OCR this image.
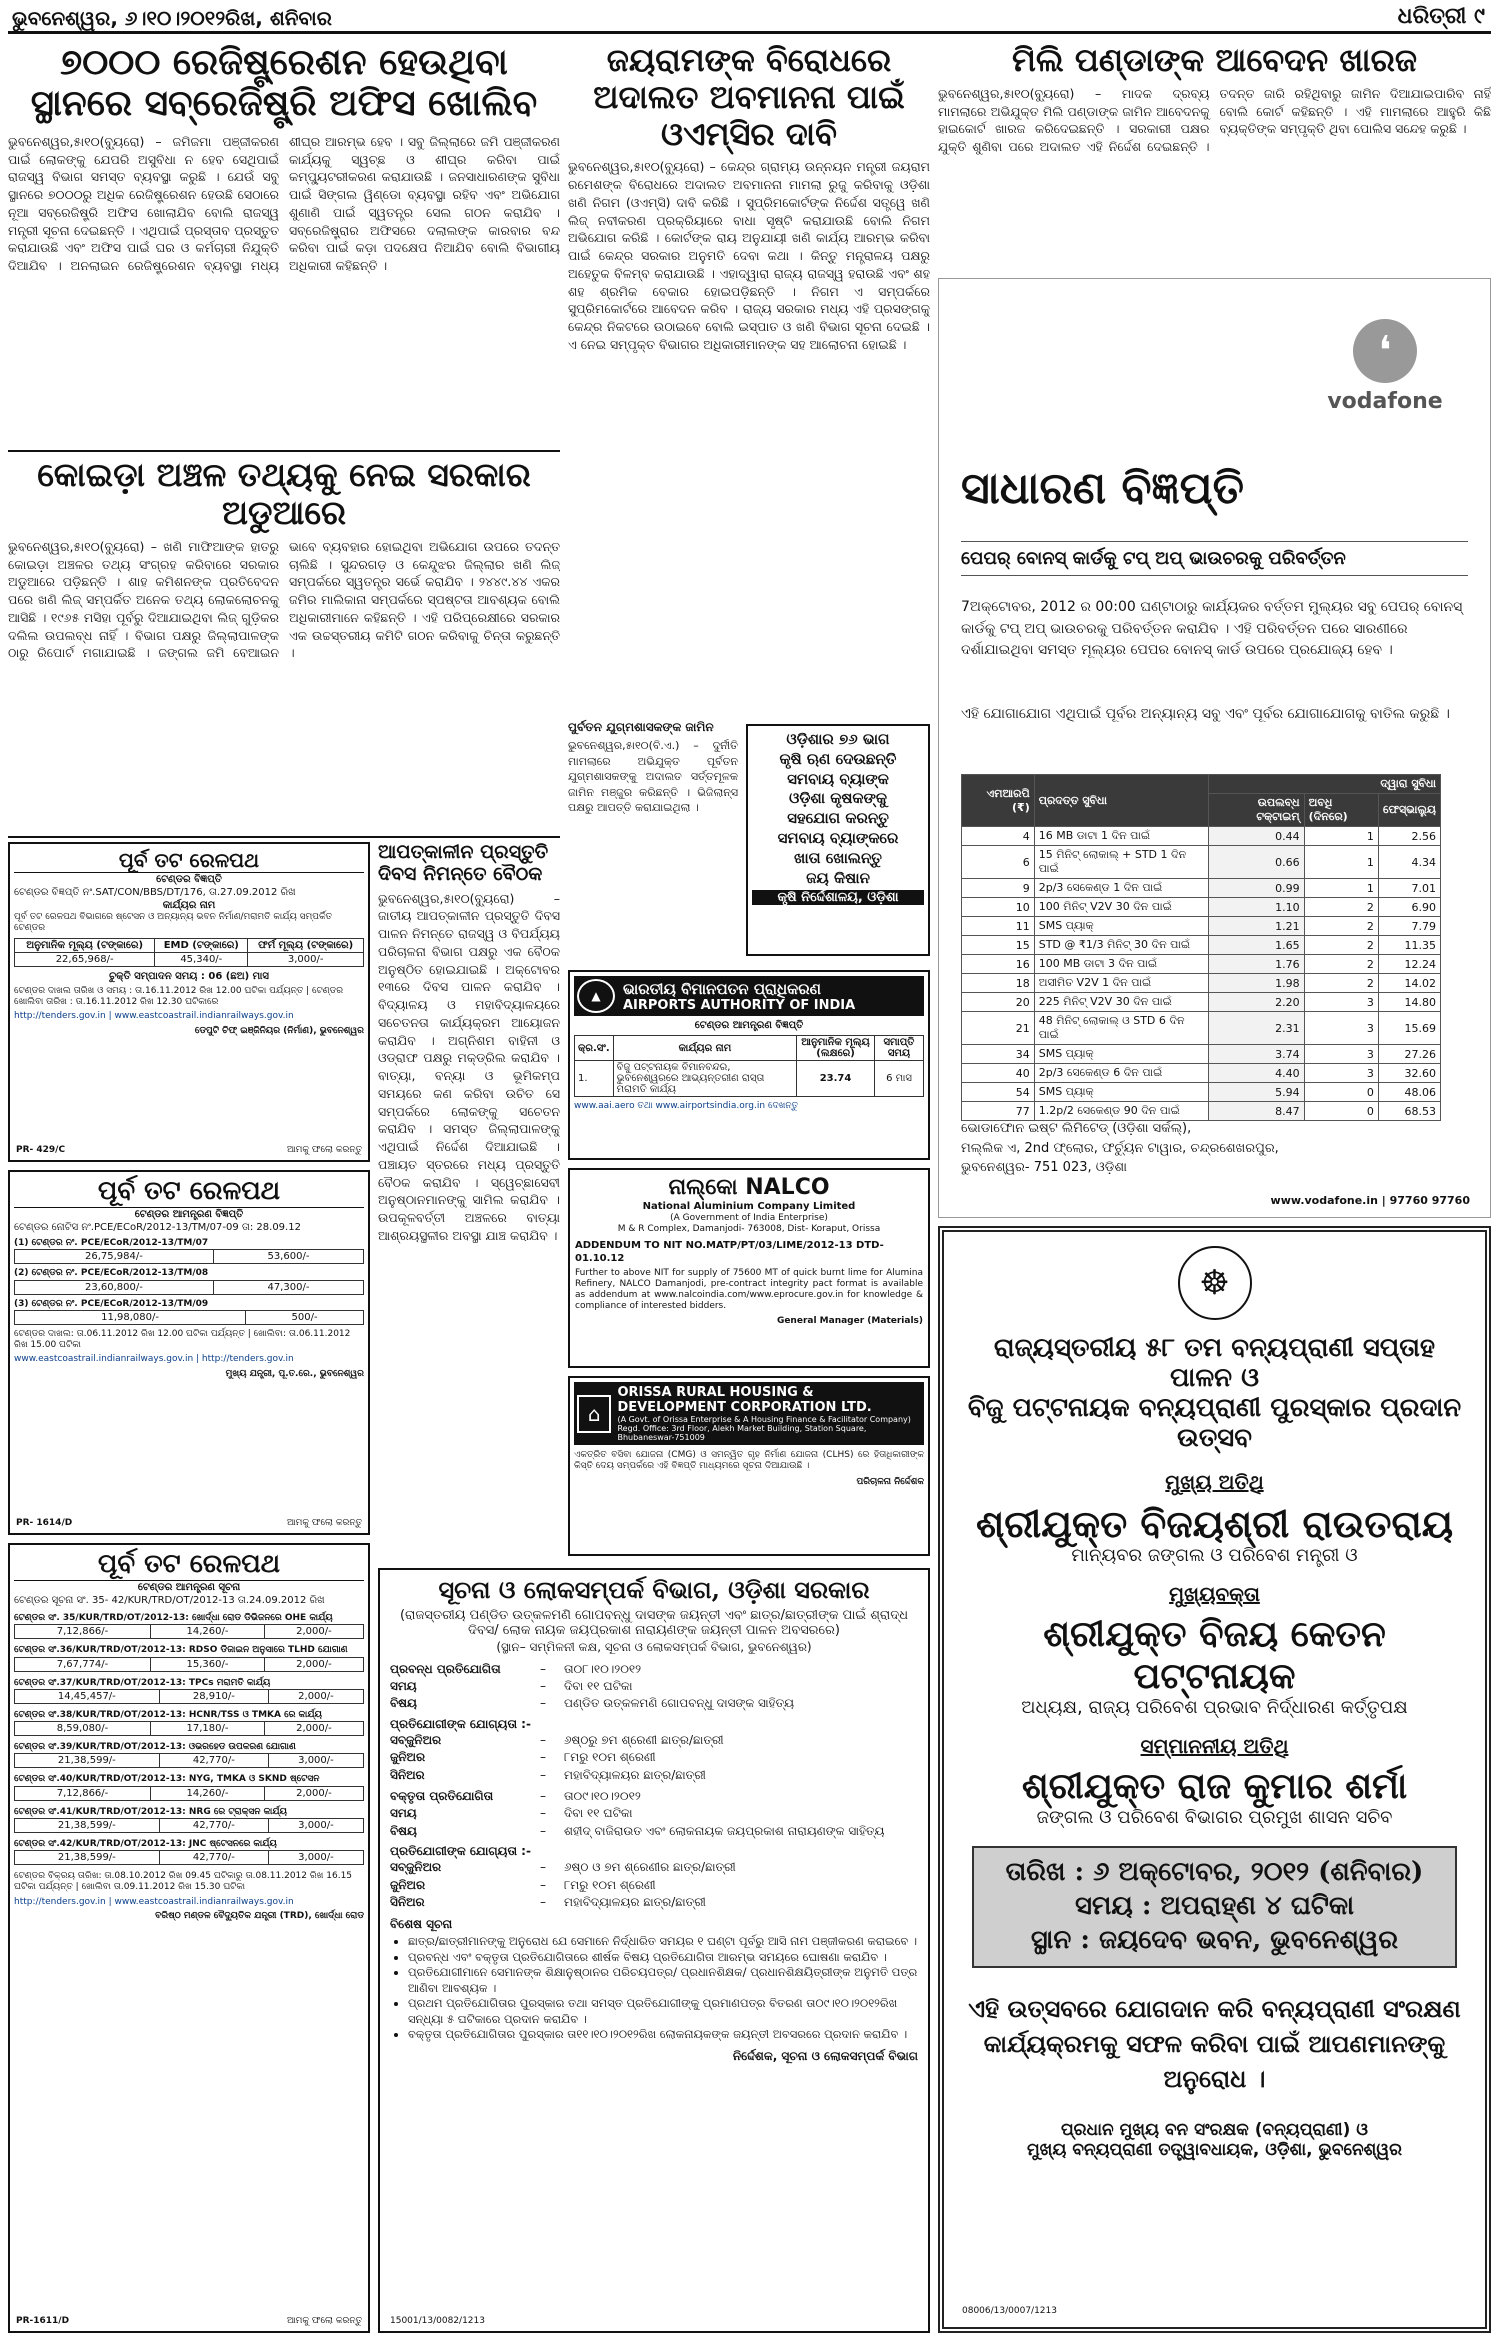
ଭୁବନେଶ୍ୱର, ୬।୧୦।୨୦୧୨ରିଖ, ଶନିବାର	ଧରିତ୍ରୀ ୯
୭୦୦୦ ରେଜିଷ୍ଟ୍ରେଶନ ହେଉଥିବା ସ୍ଥାନରେ ସବ୍‌ରେଜିଷ୍ଟ୍ରି ଅଫିସ ଖୋଲିବ
ଭୁବନେଶ୍ୱର,୫ା୧୦(ବ୍ୟୁରୋ) – ଜମିଜମା ପଞ୍ଜୀକରଣ ପାଇଁ ଲୋକଙ୍କୁ ଯେପରି ଅସୁବିଧା ନ ହେବ ସେଥିପାଇଁ ରାଜସ୍ୱ ବିଭାଗ ସମସ୍ତ ବ୍ୟବସ୍ଥା କରୁଛି । ଯେଉଁ ସବୁ ସ୍ଥାନରେ ୭୦୦୦ରୁ ଅଧିକ ରେଜିଷ୍ଟ୍ରେଶନ ହେଉଛି ସେଠାରେ ନୂଆ ସବ୍‌ରେଜିଷ୍ଟ୍ରି ଅଫିସ ଖୋଲାଯିବ ବୋଲି ରାଜସ୍ୱ ମନ୍ତ୍ରୀ ସୂଚନା ଦେଇଛନ୍ତି । ଏଥିପାଇଁ ପ୍ରସ୍ତାବ ପ୍ରସ୍ତୁତ କରାଯାଉଛି ଏବଂ ଅଫିସ ପାଇଁ ଘର ଓ କର୍ମଚାରୀ ନିଯୁକ୍ତି ଦିଆଯିବ । ଅନଲାଇନ ରେଜିଷ୍ଟ୍ରେଶନ ବ୍ୟବସ୍ଥା ମଧ୍ୟ ଶୀଘ୍ର ଆରମ୍ଭ ହେବ । ସବୁ ଜିଲ୍ଲାରେ ଜମି ପଞ୍ଜୀକରଣ କାର୍ଯ୍ୟକୁ ସ୍ୱଚ୍ଛ ଓ ଶୀଘ୍ର କରିବା ପାଇଁ କମ୍ପ୍ୟୁଟରୀକରଣ କରାଯାଉଛି । ଜନସାଧାରଣଙ୍କ ସୁବିଧା ପାଇଁ ସିଙ୍ଗଲ ୱିଣ୍ଡୋ ବ୍ୟବସ୍ଥା ରହିବ ଏବଂ ଅଭିଯୋଗ ଶୁଣାଣି ପାଇଁ ସ୍ୱତନ୍ତ୍ର ସେଲ ଗଠନ କରାଯିବ । ସବ୍‌ରେଜିଷ୍ଟ୍ରାର ଅଫିସରେ ଦଲାଲଙ୍କ କାରବାର ବନ୍ଦ କରିବା ପାଇଁ କଡ଼ା ପଦକ୍ଷେପ ନିଆଯିବ ବୋଲି ବିଭାଗୀୟ ଅଧିକାରୀ କହିଛନ୍ତି ।
କୋଇଡ଼ା ଅଞ୍ଚଳ ତଥ୍ୟକୁ ନେଇ ସରକାର ଅଡୁଆରେ
ଭୁବନେଶ୍ୱର,୫ା୧୦(ବ୍ୟୁରୋ) – ଖଣି ମାଫିଆଙ୍କ ହାତରୁ କୋଇଡ଼ା ଅଞ୍ଚଳର ତଥ୍ୟ ସଂଗ୍ରହ କରିବାରେ ସରକାର ଅଡୁଆରେ ପଡ଼ିଛନ୍ତି । ଶାହ କମିଶନଙ୍କ ପ୍ରତିବେଦନ ପରେ ଖଣି ଲିଜ୍ ସମ୍ପର୍କିତ ଅନେକ ତଥ୍ୟ ଲୋକଲୋଚନକୁ ଆସିଛି । ୧୯୬୫ ମସିହା ପୂର୍ବରୁ ଦିଆଯାଇଥିବା ଲିଜ୍ ଗୁଡ଼ିକର ଦଲିଲ ଉପଲବ୍ଧ ନାହିଁ । ବିଭାଗ ପକ୍ଷରୁ ଜିଲ୍ଲାପାଳଙ୍କ ଠାରୁ ରିପୋର୍ଟ ମଗାଯାଇଛି । ଜଙ୍ଗଲ ଜମି ବେଆଇନ ଭାବେ ବ୍ୟବହାର ହୋଇଥିବା ଅଭିଯୋଗ ଉପରେ ତଦନ୍ତ ଚାଲିଛି । ସୁନ୍ଦରଗଡ଼ ଓ କେନ୍ଦୁଝର ଜିଲ୍ଲାର ଖଣି ଲିଜ୍ ସମ୍ପର୍କରେ ସ୍ୱତନ୍ତ୍ର ସର୍ଭେ କରାଯିବ । ୨୪୪୯.୪୪ ଏକର ଜମିର ମାଲିକାନା ସମ୍ପର୍କରେ ସ୍ପଷ୍ଟତା ଆବଶ୍ୟକ ବୋଲି ଅଧିକାରୀମାନେ କହିଛନ୍ତି । ଏହି ପରିପ୍ରେକ୍ଷୀରେ ସରକାର ଏକ ଉଚ୍ଚସ୍ତରୀୟ କମିଟି ଗଠନ କରିବାକୁ ଚିନ୍ତା କରୁଛନ୍ତି ।
ପୂର୍ବ ତଟ ରେଳପଥ
ଟେଣ୍ଡର ବିଜ୍ଞପ୍ତି
ଟେଣ୍ଡର ବିଜ୍ଞପ୍ତି ନଂ.SAT/CON/BBS/DT/176, ତା.27.09.2012 ରିଖ
କାର୍ଯ୍ୟର ନାମ
ପୂର୍ବ ତଟ ରେଳପଥ ବିଭାଗରେ ଷ୍ଟେସନ ଓ ଅନ୍ୟାନ୍ୟ ଭବନ ନିର୍ମାଣ/ମରାମତି କାର୍ଯ୍ୟ ସମ୍ପର୍କିତ ଟେଣ୍ଡର
ଅନୁମାନିକ ମୂଲ୍ୟ (ଟଙ୍କାରେ)	EMD (ଟଙ୍କାରେ)	ଫର୍ମ ମୂଲ୍ୟ (ଟଙ୍କାରେ)
22,65,968/-	45,340/-	3,000/-
ଚୁକ୍ତି ସମ୍ପାଦନ ସମୟ : 06 (ଛଅ) ମାସ
ଟେଣ୍ଡର ଦାଖଲ ତାରିଖ ଓ ସମୟ : ତା.16.11.2012 ରିଖ 12.00 ଘଟିକା ପର୍ଯ୍ୟନ୍ତ | ଟେଣ୍ଡର ଖୋଲିବା ତାରିଖ : ତା.16.11.2012 ରିଖ 12.30 ଘଟିକାରେ
http://tenders.gov.in | www.eastcoastrail.indianrailways.gov.in
ଡେପୁଟି ଚିଫ୍ ଇଞ୍ଜିନିୟର (ନିର୍ମାଣ), ଭୁବନେଶ୍ୱର
PR- 429/C	ଆମକୁ ଫଲୋ କରନ୍ତୁ
ପୂର୍ବ ତଟ ରେଳପଥ
ଟେଣ୍ଡର ଆମନ୍ତ୍ରଣ ବିଜ୍ଞପ୍ତି
ଟେଣ୍ଡର ନୋଟିସ ନଂ.PCE/ECoR/2012-13/TM/07-09 ତା: 28.09.12
(1) ଟେଣ୍ଡର ନଂ. PCE/ECoR/2012-13/TM/07
26,75,984/-	53,600/-
(2) ଟେଣ୍ଡର ନଂ. PCE/ECoR/2012-13/TM/08
23,60,800/-	47,300/-
(3) ଟେଣ୍ଡର ନଂ. PCE/ECoR/2012-13/TM/09
11,98,080/-	500/-
ଟେଣ୍ଡର ଦାଖଲ: ତା.06.11.2012 ରିଖ 12.00 ଘଟିକା ପର୍ଯ୍ୟନ୍ତ | ଖୋଲିବା: ତା.06.11.2012 ରିଖ 15.00 ଘଟିକା
www.eastcoastrail.indianrailways.gov.in | http://tenders.gov.in
ମୁଖ୍ୟ ଯନ୍ତ୍ରୀ, ପୂ.ତ.ରେ., ଭୁବନେଶ୍ୱର
PR- 1614/D	ଆମକୁ ଫଲୋ କରନ୍ତୁ
ପୂର୍ବ ତଟ ରେଳପଥ
ଟେଣ୍ଡର ଆମନ୍ତ୍ରଣ ସୂଚନା
ଟେଣ୍ଡର ସୂଚନା ସଂ. 35- 42/KUR/TRD/OT/2012-13 ତା.24.09.2012 ରିଖ
ଟେଣ୍ଡର ସଂ. 35/KUR/TRD/OT/2012-13: ଖୋର୍ଦ୍ଧା ରୋଡ ଡିଭିଜନରେ OHE କାର୍ଯ୍ୟ
7,12,866/-	14,260/-	2,000/-
ଟେଣ୍ଡର ସଂ.36/KUR/TRD/OT/2012-13: RDSO ଡିଜାଇନ ଅନୁସାରେ TLHD ଯୋଗାଣ
7,67,774/-	15,360/-	2,000/-
ଟେଣ୍ଡର ସଂ.37/KUR/TRD/OT/2012-13: TPCs ମରାମତି କାର୍ଯ୍ୟ
14,45,457/-	28,910/-	2,000/-
ଟେଣ୍ଡର ସଂ.38/KUR/TRD/OT/2012-13: HCNR/TSS ଓ TMKA ରେ କାର୍ଯ୍ୟ
8,59,080/-	17,180/-	2,000/-
ଟେଣ୍ଡର ସଂ.39/KUR/TRD/OT/2012-13: ଓଭରହେଡ ଉପକରଣ ଯୋଗାଣ
21,38,599/-	42,770/-	3,000/-
ଟେଣ୍ଡର ସଂ.40/KUR/TRD/OT/2012-13: NYG, TMKA ଓ SKND ଷ୍ଟେସନ
7,12,866/-	14,260/-	2,000/-
ଟେଣ୍ଡର ସଂ.41/KUR/TRD/OT/2012-13: NRG ରେ ଟ୍ରାକ୍ସନ କାର୍ଯ୍ୟ
21,38,599/-	42,770/-	3,000/-
ଟେଣ୍ଡର ସଂ.42/KUR/TRD/OT/2012-13: JNC ଷ୍ଟେସନରେ କାର୍ଯ୍ୟ
21,38,599/-	42,770/-	3,000/-
ଟେଣ୍ଡର ବିକ୍ରୟ ତାରିଖ: ତା.08.10.2012 ରିଖ 09.45 ଘଟିକାରୁ ତା.08.11.2012 ରିଖ 16.15 ଘଟିକା ପର୍ଯ୍ୟନ୍ତ | ଖୋଲିବା ତା.09.11.2012 ରିଖ 15.30 ଘଟିକା
http://tenders.gov.in | www.eastcoastrail.indianrailways.gov.in
ବରିଷ୍ଠ ମଣ୍ଡଳ ବୈଦ୍ୟୁତିକ ଯନ୍ତ୍ରୀ (TRD), ଖୋର୍ଦ୍ଧା ରୋଡ
PR-1611/D	ଆମକୁ ଫଲୋ କରନ୍ତୁ
ଆପତ୍‌କାଳୀନ ପ୍ରସ୍ତୁତି ଦିବସ ନିମନ୍ତେ ବୈଠକ
ଭୁବନେଶ୍ୱର,୫ା୧୦(ବ୍ୟୁରୋ) – ଜାତୀୟ ଆପତ୍‌କାଳୀନ ପ୍ରସ୍ତୁତି ଦିବସ ପାଳନ ନିମନ୍ତେ ରାଜସ୍ୱ ଓ ବିପର୍ଯ୍ୟୟ ପରିଚାଳନା ବିଭାଗ ପକ୍ଷରୁ ଏକ ବୈଠକ ଅନୁଷ୍ଠିତ ହୋଇଯାଇଛି । ଅକ୍ଟୋବର ୧୩ରେ ଦିବସ ପାଳନ କରାଯିବ । ବିଦ୍ୟାଳୟ ଓ ମହାବିଦ୍ୟାଳୟରେ ସଚେତନତା କାର୍ଯ୍ୟକ୍ରମ ଆୟୋଜନ କରାଯିବ । ଅଗ୍ନିଶମ ବାହିନୀ ଓ ଓଡ୍ରାଫ ପକ୍ଷରୁ ମକ୍‌ଡ୍ରିଲ କରାଯିବ । ବାତ୍ୟା, ବନ୍ୟା ଓ ଭୂମିକମ୍ପ ସମୟରେ କଣ କରିବା ଉଚିତ ସେ ସମ୍ପର୍କରେ ଲୋକଙ୍କୁ ସଚେତନ କରାଯିବ । ସମସ୍ତ ଜିଲ୍ଲାପାଳଙ୍କୁ ଏଥିପାଇଁ ନିର୍ଦ୍ଦେଶ ଦିଆଯାଇଛି । ପଞ୍ଚାୟତ ସ୍ତରରେ ମଧ୍ୟ ପ୍ରସ୍ତୁତି ବୈଠକ କରାଯିବ । ସ୍ୱେଚ୍ଛାସେବୀ ଅନୁଷ୍ଠାନମାନଙ୍କୁ ସାମିଲ କରାଯିବ । ଉପକୂଳବର୍ତ୍ତୀ ଅଞ୍ଚଳରେ ବାତ୍ୟା ଆଶ୍ରୟସ୍ଥଳୀର ଅବସ୍ଥା ଯାଞ୍ଚ କରାଯିବ ।
ଜୟରାମଙ୍କ ବିରୋଧରେ ଅଦାଲତ ଅବମାନନା ପାଇଁ ଓଏମ୍‌ସିର ଦାବି
ଭୁବନେଶ୍ୱର,୫ା୧୦(ବ୍ୟୁରୋ) – କେନ୍ଦ୍ର ଗ୍ରାମ୍ୟ ଉନ୍ନୟନ ମନ୍ତ୍ରୀ ଜୟରାମ ରମେଶଙ୍କ ବିରୋଧରେ ଅଦାଲତ ଅବମାନନା ମାମଲା ରୁଜୁ କରିବାକୁ ଓଡ଼ିଶା ଖଣି ନିଗମ (ଓଏମ୍‌ସି) ଦାବି କରିଛି । ସୁପ୍ରିମକୋର୍ଟଙ୍କ ନିର୍ଦ୍ଦେଶ ସତ୍ତ୍ୱେ ଖଣି ଲିଜ୍ ନବୀକରଣ ପ୍ରକ୍ରିୟାରେ ବାଧା ସୃଷ୍ଟି କରାଯାଉଛି ବୋଲି ନିଗମ ଅଭିଯୋଗ କରିଛି । କୋର୍ଟଙ୍କ ରାୟ ଅନୁଯାୟୀ ଖଣି କାର୍ଯ୍ୟ ଆରମ୍ଭ କରିବା ପାଇଁ କେନ୍ଦ୍ର ସରକାର ଅନୁମତି ଦେବା କଥା । କିନ୍ତୁ ମନ୍ତ୍ରାଳୟ ପକ୍ଷରୁ ଅହେତୁକ ବିଳମ୍ବ କରାଯାଉଛି । ଏହାଦ୍ୱାରା ରାଜ୍ୟ ରାଜସ୍ୱ ହରାଉଛି ଏବଂ ଶହ ଶହ ଶ୍ରମିକ ବେକାର ହୋଇପଡ଼ିଛନ୍ତି । ନିଗମ ଏ ସମ୍ପର୍କରେ ସୁପ୍ରିମକୋର୍ଟରେ ଆବେଦନ କରିବ । ରାଜ୍ୟ ସରକାର ମଧ୍ୟ ଏହି ପ୍ରସଙ୍ଗକୁ କେନ୍ଦ୍ର ନିକଟରେ ଉଠାଇବେ ବୋଲି ଇସ୍ପାତ ଓ ଖଣି ବିଭାଗ ସୂଚନା ଦେଇଛି । ଏ ନେଇ ସମ୍ପୃକ୍ତ ବିଭାଗର ଅଧିକାରୀମାନଙ୍କ ସହ ଆଲୋଚନା ହୋଇଛି ।
ପୁର୍ବତନ ଯୁଗ୍ମଶାସକଙ୍କ ଜାମିନ
ଭୁବନେଶ୍ୱର,୫ା୧୦(ବି.ଏ.) – ଦୁର୍ନୀତି ମାମଲାରେ ଅଭିଯୁକ୍ତ ପୂର୍ବତନ ଯୁଗ୍ମଶାସକଙ୍କୁ ଅଦାଲତ ସର୍ତ୍ତମୂଳକ ଜାମିନ ମଞ୍ଜୁର କରିଛନ୍ତି । ଭିଜିଲାନ୍ସ ପକ୍ଷରୁ ଆପତ୍ତି କରାଯାଇଥିଲା ।
ଓଡ଼ିଶାର ୭୬ ଭାଗ
କୃଷି ଋଣ ଦେଉଛନ୍ତି
ସମବାୟ ବ୍ୟାଙ୍କ
ଓଡ଼ିଶା କୃଷକଙ୍କୁ
ସହଯୋଗ କରନ୍ତୁ
ସମବାୟ ବ୍ୟାଙ୍କରେ
ଖାତା ଖୋଲନ୍ତୁ
ଜୟ କିଷାନ
କୃଷି ନିର୍ଦ୍ଦେଶାଳୟ, ଓଡ଼ିଶା
▲	ଭାରତୀୟ ବିମାନପତନ ପ୍ରାଧିକରଣ
AIRPORTS AUTHORITY OF INDIA
ଟେଣ୍ଡର ଆମନ୍ତ୍ରଣ ବିଜ୍ଞପ୍ତି
କ୍ର.ସଂ.	କାର୍ଯ୍ୟର ନାମ	ଆନୁମାନିକ ମୂଲ୍ୟ (ଲକ୍ଷରେ)	ସମାପ୍ତି ସମୟ
1.	ବିଜୁ ପଟ୍ଟନାୟକ ବିମାନବନ୍ଦର, ଭୁବନେଶ୍ୱରରେ ଆଭ୍ୟନ୍ତରୀଣ ରାସ୍ତା ମରାମତି କାର୍ଯ୍ୟ	23.74	6 ମାସ
www.aai.aero ତଥା www.airportsindia.org.in ଦେଖନ୍ତୁ
ନାଲ୍‌କୋ NALCO
National Aluminium Company Limited
(A Government of India Enterprise)
M & R Complex, Damanjodi- 763008, Dist- Koraput, Orissa
ADDENDUM TO NIT NO.MATP/PT/03/LIME/2012-13 DTD-01.10.12
Further to above NIT for supply of 75600 MT of quick burnt lime for Alumina Refinery, NALCO Damanjodi, pre-contract integrity pact format is available as addendum at www.nalcoindia.com/www.eprocure.gov.in for knowledge & compliance of interested bidders.
General Manager (Materials)
⌂
ORISSA RURAL HOUSING &
DEVELOPMENT CORPORATION LTD.
(A Govt. of Orissa Enterprise & A Housing Finance & Facilitator Company)
Regd. Office: 3rd Floor, Alekh Market Building, Station Square, Bhubaneswar-751009
ଏକତ୍ରିତ ବସିବା ଯୋଜନା (CMG) ଓ ସମନ୍ୱିତ ଗୃହ ନିର୍ମାଣ ଯୋଜନା (CLHS) ରେ ହିତାଧିକାରୀଙ୍କ କିସ୍ତି ଦେୟ ସମ୍ପର୍କରେ ଏହି ବିଜ୍ଞପ୍ତି ମାଧ୍ୟମରେ ସୂଚନା ଦିଆଯାଉଛି ।
ପରିଚାଳନା ନିର୍ଦ୍ଦେଶକ
ସୂଚନା ଓ ଲୋକସମ୍ପର୍କ ବିଭାଗ, ଓଡ଼ିଶା ସରକାର
(ରାଜସ୍ତରୀୟ ପଣ୍ଡିତ ଉତ୍କଳମଣି ଗୋପବନ୍ଧୁ ଦାସଙ୍କ ଜୟନ୍ତୀ ଏବଂ ଛାତ୍ର/ଛାତ୍ରୀଙ୍କ ପାଇଁ ଶ୍ରାଦ୍ଧ ଦିବସ/ ଲୋକ ନାୟକ ଜୟପ୍ରକାଶ ନାରାୟଣଙ୍କ ଜୟନ୍ତୀ ପାଳନ ଅବସରରେ)
(ସ୍ଥାନ– ସମ୍ମିଳନୀ କକ୍ଷ, ସୂଚନା ଓ ଲୋକସମ୍ପର୍କ ବିଭାଗ, ଭୁବନେଶ୍ୱର)
ପ୍ରବନ୍ଧ ପ୍ରତିଯୋଗିତା	–	ତା୦୮।୧୦।୨୦୧୨
ସମୟ	–	ଦିବା ୧୧ ଘଟିକା
ବିଷୟ	–	ପଣ୍ଡିତ ଉତ୍କଳମଣି ଗୋପବନ୍ଧୁ ଦାସଙ୍କ ସାହିତ୍ୟ
ପ୍ରତିଯୋଗୀଙ୍କ ଯୋଗ୍ୟତା :-
ସବ୍‌ଜୁନିଅର	–	୬ଷ୍ଠରୁ ୭ମ ଶ୍ରେଣୀ ଛାତ୍ର/ଛାତ୍ରୀ
ଜୁନିଅର	–	୮ମରୁ ୧୦ମ ଶ୍ରେଣୀ
ସିନିଅର	–	ମହାବିଦ୍ୟାଳୟର ଛାତ୍ର/ଛାତ୍ରୀ
ବକ୍ତୃତା ପ୍ରତିଯୋଗିତା	–	ତା୦୯।୧୦।୨୦୧୨
ସମୟ	–	ଦିବା ୧୧ ଘଟିକା
ବିଷୟ	–	ଶହୀଦ୍ ବାଜିରାଉତ ଏବଂ ଲୋକନାୟକ ଜୟପ୍ରକାଶ ନାରାୟଣଙ୍କ ସାହିତ୍ୟ
ପ୍ରତିଯୋଗୀଙ୍କ ଯୋଗ୍ୟତା :-
ସବ୍‌ଜୁନିଅର	–	୬ଷ୍ଠ ଓ ୭ମ ଶ୍ରେଣୀର ଛାତ୍ର/ଛାତ୍ରୀ
ଜୁନିଅର	–	୮ମରୁ ୧୦ମ ଶ୍ରେଣୀ
ସିନିଅର	–	ମହାବିଦ୍ୟାଳୟର ଛାତ୍ର/ଛାତ୍ରୀ
ବିଶେଷ ସୂଚନା
• ଛାତ୍ର/ଛାତ୍ରୀମାନଙ୍କୁ ଅନୁରୋଧ ଯେ ସେମାନେ ନିର୍ଦ୍ଧାରିତ ସମୟର ୧ ଘଣ୍ଟା ପୂର୍ବରୁ ଆସି ନାମ ପଞ୍ଜୀକରଣ କରାଇବେ ।
• ପ୍ରବନ୍ଧ ଏବଂ ବକ୍ତୃତା ପ୍ରତିଯୋଗିତାରେ ଶୀର୍ଷକ ବିଷୟ ପ୍ରତିଯୋଗିତା ଆରମ୍ଭ ସମୟରେ ଘୋଷଣା କରାଯିବ ।
• ପ୍ରତିଯୋଗୀମାନେ ସେମାନଙ୍କ ଶିକ୍ଷାନୁଷ୍ଠାନର ପରିଚୟପତ୍ର/ ପ୍ରଧାନଶିକ୍ଷକ/ ପ୍ରଧାନଶିକ୍ଷୟିତ୍ରୀଙ୍କ ଅନୁମତି ପତ୍ର ଆଣିବା ଆବଶ୍ୟକ ।
• ପ୍ରଥମ ପ୍ରତିଯୋଗିତାର ପୁରସ୍କାର ତଥା ସମସ୍ତ ପ୍ରତିଯୋଗୀଙ୍କୁ ପ୍ରମାଣପତ୍ର ବିତରଣ ତା୦୯।୧୦।୨୦୧୨ରିଖ ସନ୍ଧ୍ୟା ୫ ଘଟିକାରେ ପ୍ରଦାନ କରାଯିବ ।
• ବକ୍ତୃତା ପ୍ରତିଯୋଗିତାର ପୁରସ୍କାର ତା୧୧।୧୦।୨୦୧୨ରିଖ ଲୋକନାୟକଙ୍କ ଜୟନ୍ତୀ ଅବସରରେ ପ୍ରଦାନ କରାଯିବ ।
ନିର୍ଦ୍ଦେଶକ, ସୂଚନା ଓ ଲୋକସମ୍ପର୍କ ବିଭାଗ
15001/13/0082/1213
ମିଲି ପଣ୍ଡାଙ୍କ ଆବେଦନ ଖାରଜ
ଭୁବନେଶ୍ୱର,୫ା୧୦(ବ୍ୟୁରୋ) – ମାଦକ ଦ୍ରବ୍ୟ ମାମଲାରେ ଅଭିଯୁକ୍ତ ମିଲି ପଣ୍ଡାଙ୍କ ଜାମିନ ଆବେଦନକୁ ହାଇକୋର୍ଟ ଖାରଜ କରିଦେଇଛନ୍ତି । ସରକାରୀ ପକ୍ଷର ଯୁକ୍ତି ଶୁଣିବା ପରେ ଅଦାଲତ ଏହି ନିର୍ଦ୍ଦେଶ ଦେଇଛନ୍ତି । ତଦନ୍ତ ଜାରି ରହିଥିବାରୁ ଜାମିନ ଦିଆଯାଇପାରିବ ନାହିଁ ବୋଲି କୋର୍ଟ କହିଛନ୍ତି । ଏହି ମାମଲାରେ ଆହୁରି କିଛି ବ୍ୟକ୍ତିଙ୍କ ସମ୍ପୃକ୍ତି ଥିବା ପୋଲିସ ସନ୍ଦେହ କରୁଛି ।
❛
vodafone
ସାଧାରଣ ବିଜ୍ଞପ୍ତି
ପେପର୍ ବୋନସ୍ କାର୍ଡକୁ ଟପ୍ ଅପ୍ ଭାଉଚରକୁ ପରିବର୍ତ୍ତନ
7ଅକ୍ଟୋବର, 2012 ର 00:00 ଘଣ୍ଟାଠାରୁ କାର୍ଯ୍ୟକର ବର୍ତ୍ତମ ମୁଲ୍ୟର ସବୁ ପେପର୍ ବୋନସ୍ କାର୍ଡକୁ ଟପ୍ ଅପ୍ ଭାଉଚରକୁ ପରିବର୍ତ୍ତନ କରାଯିବ । ଏହି ପରିବର୍ତ୍ତନ ପରେ ସାରଣୀରେ ଦର୍ଶାଯାଇଥିବା ସମସ୍ତ ମୂଲ୍ୟର ପେପର ବୋନସ୍ କାର୍ଡ ଉପରେ ପ୍ରଯୋଜ୍ୟ ହେବ ।
ଏହି ଯୋଗାଯୋଗ ଏଥିପାଇଁ ପୂର୍ବର ଅନ୍ୟାନ୍ୟ ସବୁ ଏବଂ ପୂର୍ବର ଯୋଗାଯୋଗକୁ ବାତିଲ କରୁଛି ।
ଏମଆରପି (₹)	ପ୍ରଦତ୍ତ ସୁବିଧା	ଦ୍ୱାରା ସୁବିଧା		
		ଉପଲବ୍ଧ ଟକ୍‌ଟାଇମ୍	ଅବଧି (ଦିନରେ)	ଫେସ୍‌ଭାଲ୍ୟୁ
4	16 MB ଡାଟା 1 ଦିନ ପାଇଁ	0.44	1	2.56
6	15 ମିନିଟ୍ ଲୋକାଲ୍ + STD 1 ଦିନ ପାଇଁ	0.66	1	4.34
9	2p/3 ସେକେଣ୍ଡ 1 ଦିନ ପାଇଁ	0.99	1	7.01
10	100 ମିନିଟ୍ V2V 30 ଦିନ ପାଇଁ	1.10	2	6.90
11	SMS ପ୍ୟାକ୍	1.21	2	7.79
15	STD @ ₹1/3 ମିନିଟ୍ 30 ଦିନ ପାଇଁ	1.65	2	11.35
16	100 MB ଡାଟା 3 ଦିନ ପାଇଁ	1.76	2	12.24
18	ଅସୀମିତ V2V 1 ଦିନ ପାଇଁ	1.98	2	14.02
20	225 ମିନିଟ୍ V2V 30 ଦିନ ପାଇଁ	2.20	3	14.80
21	48 ମିନିଟ୍ ଲୋକାଲ୍ ଓ STD 6 ଦିନ ପାଇଁ	2.31	3	15.69
34	SMS ପ୍ୟାକ୍	3.74	3	27.26
40	2p/3 ସେକେଣ୍ଡ 6 ଦିନ ପାଇଁ	4.40	3	32.60
54	SMS ପ୍ୟାକ୍	5.94	0	48.06
77	1.2p/2 ସେକେଣ୍ଡ 90 ଦିନ ପାଇଁ	8.47	0	68.53
ଭୋଡାଫୋନ ଇଷ୍ଟ ଲିମିଟେଡ୍ (ଓଡ଼ିଶା ସର୍କଲ୍),
ମଲ୍ଲିକ ଏ, 2nd ଫ୍ଲୋର, ଫର୍ଚ୍ୟୁନ ଟାୱାର, ଚନ୍ଦ୍ରଶେଖରପୁର,
ଭୁବନେଶ୍ୱର- 751 023, ଓଡ଼ିଶା
www.vodafone.in | 97760 97760
☸
ରାଜ୍ୟସ୍ତରୀୟ ୫୮ ତମ ବନ୍ୟପ୍ରାଣୀ ସପ୍ତାହ ପାଳନ ଓ
ବିଜୁ ପଟ୍ଟନାୟକ ବନ୍ୟପ୍ରାଣୀ ପୁରସ୍କାର ପ୍ରଦାନ ଉତ୍ସବ
ମୁଖ୍ୟ ଅତିଥି
ଶ୍ରୀଯୁକ୍ତ ବିଜୟଶ୍ରୀ ରାଉତରାୟ
ମାନ୍ୟବର ଜଙ୍ଗଲ ଓ ପରିବେଶ ମନ୍ତ୍ରୀ ଓ
ମୁଖ୍ୟବକ୍ତା
ଶ୍ରୀଯୁକ୍ତ ବିଜୟ କେତନ ପଟ୍ଟନାୟକ
ଅଧ୍ୟକ୍ଷ, ରାଜ୍ୟ ପରିବେଶ ପ୍ରଭାବ ନିର୍ଦ୍ଧାରଣ କର୍ତ୍ତୃପକ୍ଷ
ସମ୍ମାନନୀୟ ଅତିଥି
ଶ୍ରୀଯୁକ୍ତ ରାଜ କୁମାର ଶର୍ମା
ଜଙ୍ଗଲ ଓ ପରିବେଶ ବିଭାଗର ପ୍ରମୁଖ ଶାସନ ସଚିବ
ତାରିଖ : ୬ ଅକ୍ଟୋବର, ୨୦୧୨ (ଶନିବାର)
ସମୟ : ଅପରାହ୍ଣ ୪ ଘଟିକା
ସ୍ଥାନ : ଜୟଦେବ ଭବନ, ଭୁବନେଶ୍ୱର
ଏହି ଉତ୍ସବରେ ଯୋଗଦାନ କରି ବନ୍ୟପ୍ରାଣୀ ସଂରକ୍ଷଣ କାର୍ଯ୍ୟକ୍ରମକୁ ସଫଳ କରିବା ପାଇଁ ଆପଣମାନଙ୍କୁ ଅନୁରୋଧ ।
ପ୍ରଧାନ ମୁଖ୍ୟ ବନ ସଂରକ୍ଷକ (ବନ୍ୟପ୍ରାଣୀ) ଓ
ମୁଖ୍ୟ ବନ୍ୟପ୍ରାଣୀ ତତ୍ତ୍ୱାବଧାୟକ, ଓଡ଼ିଶା, ଭୁବନେଶ୍ୱର
08006/13/0007/1213
